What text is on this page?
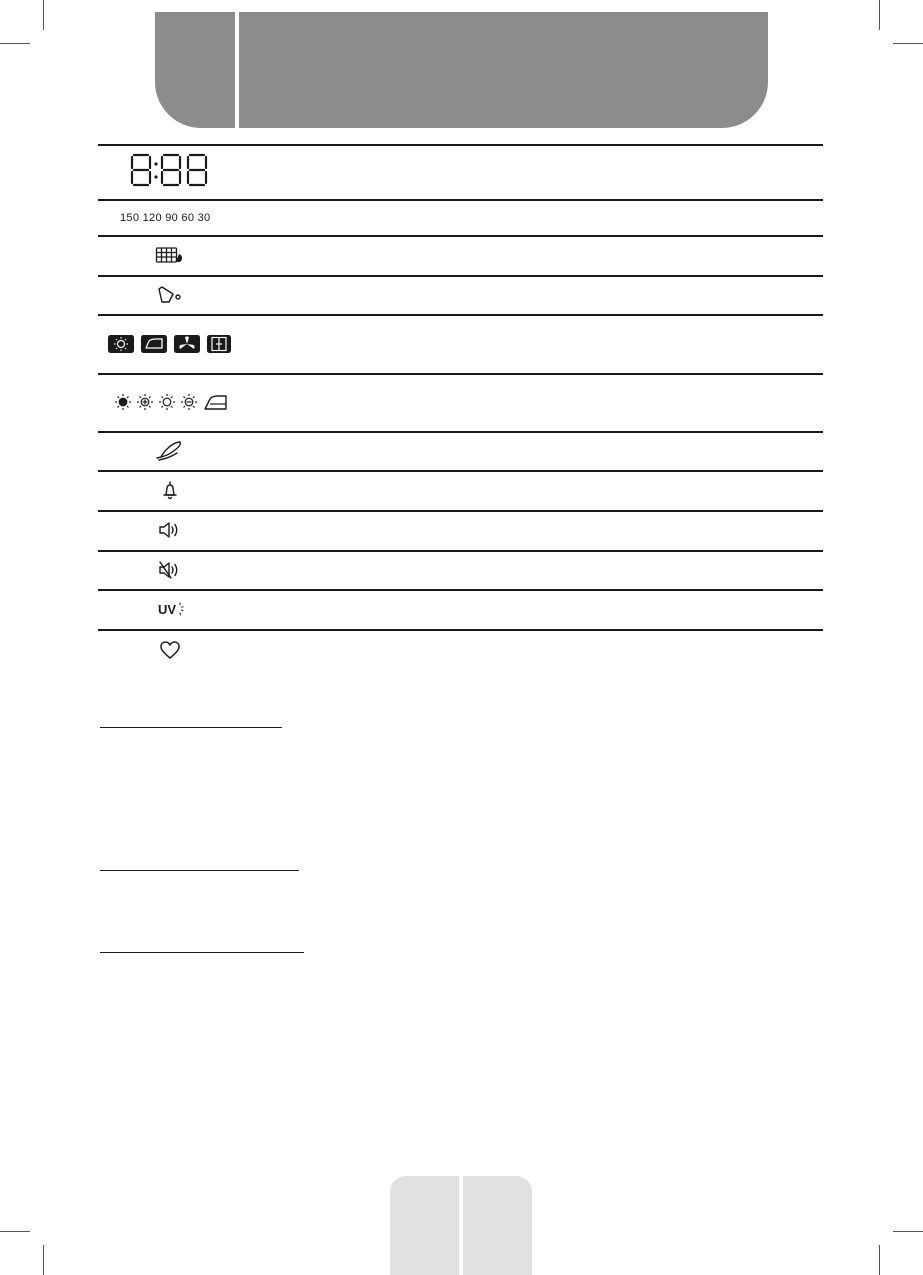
150 120 90 60 30
UV
